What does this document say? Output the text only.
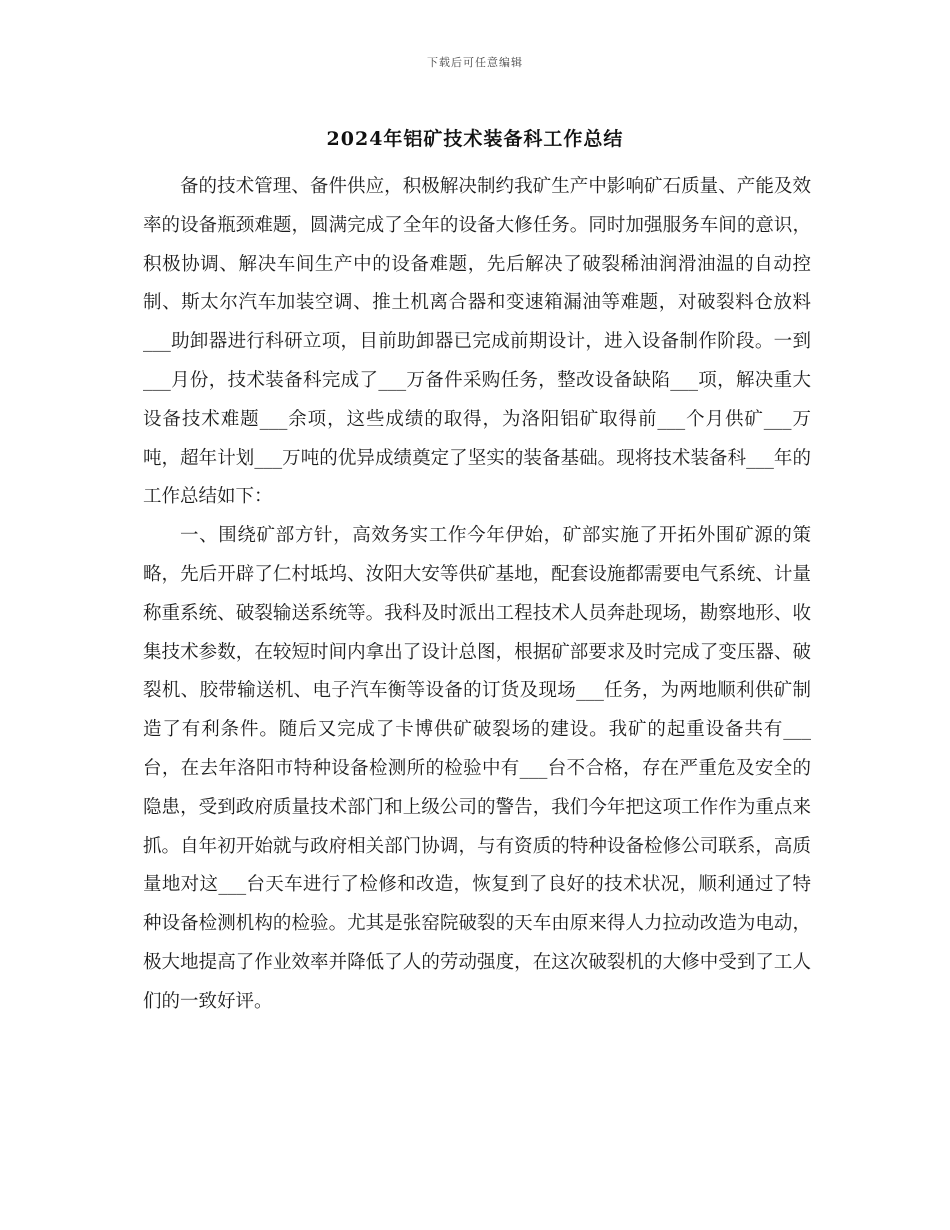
下载后可任意编辑
2024年铝矿技术装备科工作总结

备的技术管理、备件供应，积极解决制约我矿生产中影响矿石质量、产能及效率的设备瓶颈难题，圆满完成了全年的设备大修任务。同时加强服务车间的意识，积极协调、解决车间生产中的设备难题，先后解决了破裂稀油润滑油温的自动控制、斯太尔汽车加装空调、推土机离合器和变速箱漏油等难题，对破裂料仓放料___助卸器进行科研立项，目前助卸器已完成前期设计，进入设备制作阶段。一到___月份，技术装备科完成了___万备件采购任务，整改设备缺陷___项，解决重大设备技术难题___余项，这些成绩的取得，为洛阳铝矿取得前___个月供矿___万吨，超年计划___万吨的优异成绩奠定了坚实的装备基础。现将技术装备科___年的工作总结如下：

一、围绕矿部方针，高效务实工作今年伊始，矿部实施了开拓外围矿源的策略，先后开辟了仁村坻坞、汝阳大安等供矿基地，配套设施都需要电气系统、计量称重系统、破裂输送系统等。我科及时派出工程技术人员奔赴现场，勘察地形、收集技术参数，在较短时间内拿出了设计总图，根据矿部要求及时完成了变压器、破裂机、胶带输送机、电子汽车衡等设备的订货及现场___任务，为两地顺利供矿制造了有利条件。随后又完成了卡博供矿破裂场的建设。我矿的起重设备共有___台，在去年洛阳市特种设备检测所的检验中有___台不合格，存在严重危及安全的隐患，受到政府质量技术部门和上级公司的警告，我们今年把这项工作作为重点来抓。自年初开始就与政府相关部门协调，与有资质的特种设备检修公司联系，高质量地对这___台天车进行了检修和改造，恢复到了良好的技术状况，顺利通过了特种设备检测机构的检验。尤其是张窑院破裂的天车由原来得人力拉动改造为电动，极大地提高了作业效率并降低了人的劳动强度，在这次破裂机的大修中受到了工人们的一致好评。
